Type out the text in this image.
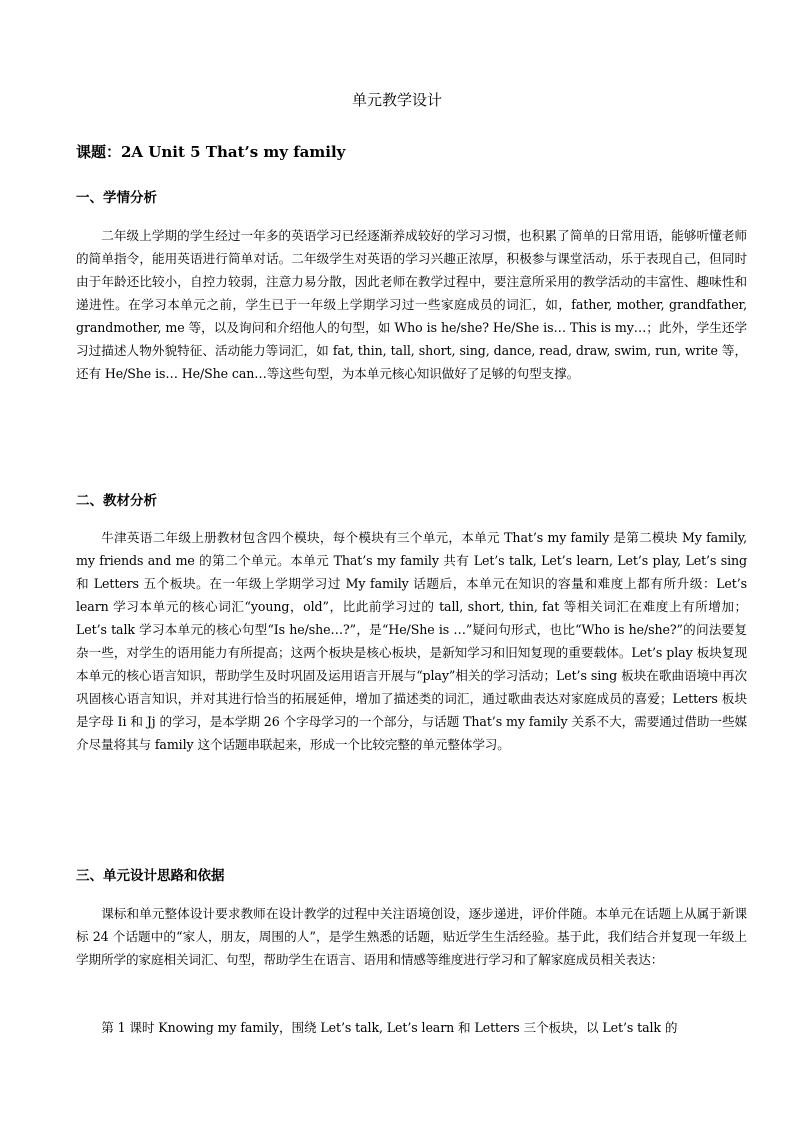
单元教学设计
课题：2A Unit 5 That’s my family
一、学情分析

二年级上学期的学生经过一年多的英语学习已经逐渐养成较好的学习习惯，也积累了简单的日常用语，能够听懂老师的简单指令，能用英语进行简单对话。二年级学生对英语的学习兴趣正浓厚，积极参与课堂活动，乐于表现自己，但同时由于年龄还比较小，自控力较弱，注意力易分散，因此老师在教学过程中，要注意所采用的教学活动的丰富性、趣味性和递进性。在学习本单元之前，学生已于一年级上学期学习过一些家庭成员的词汇，如，father, mother, grandfather, grandmother, me 等，以及询问和介绍他人的句型，如 Who is he/she? He/She is… This is my…；此外，学生还学习过描述人物外貌特征、活动能力等词汇，如 fat, thin, tall, short, sing, dance, read, draw, swim, run, write 等，还有 He/She is… He/She can…等这些句型，为本单元核心知识做好了足够的句型支撑。

二、教材分析

牛津英语二年级上册教材包含四个模块，每个模块有三个单元，本单元 That’s my family 是第二模块 My family, my friends and me 的第二个单元。本单元 That’s my family 共有 Let’s talk, Let’s learn, Let’s play, Let’s sing 和 Letters 五个板块。在一年级上学期学习过 My family 话题后，本单元在知识的容量和难度上都有所升级：Let’s learn 学习本单元的核心词汇“young，old”，比此前学习过的 tall, short, thin, fat 等相关词汇在难度上有所增加；Let’s talk 学习本单元的核心句型“Is he/she…?”，是“He/She is …”疑问句形式，也比“Who is he/she?”的问法要复杂一些，对学生的语用能力有所提高；这两个板块是核心板块，是新知学习和旧知复现的重要载体。Let’s play 板块复现本单元的核心语言知识，帮助学生及时巩固及运用语言开展与“play”相关的学习活动；Let’s sing 板块在歌曲语境中再次巩固核心语言知识，并对其进行恰当的拓展延伸，增加了描述类的词汇，通过歌曲表达对家庭成员的喜爱；Letters 板块是字母 Ii 和 Jj 的学习，是本学期 26 个字母学习的一个部分，与话题 That’s my family 关系不大，需要通过借助一些媒介尽量将其与 family 这个话题串联起来，形成一个比较完整的单元整体学习。

三、单元设计思路和依据

课标和单元整体设计要求教师在设计教学的过程中关注语境创设，逐步递进，评价伴随。本单元在话题上从属于新课标 24 个话题中的“家人，朋友，周围的人”，是学生熟悉的话题，贴近学生生活经验。基于此，我们结合并复现一年级上学期所学的家庭相关词汇、句型，帮助学生在语言、语用和情感等维度进行学习和了解家庭成员相关表达：

第 1 课时 Knowing my family，围绕 Let’s talk, Let’s learn 和 Letters 三个板块，以 Let’s talk 的
